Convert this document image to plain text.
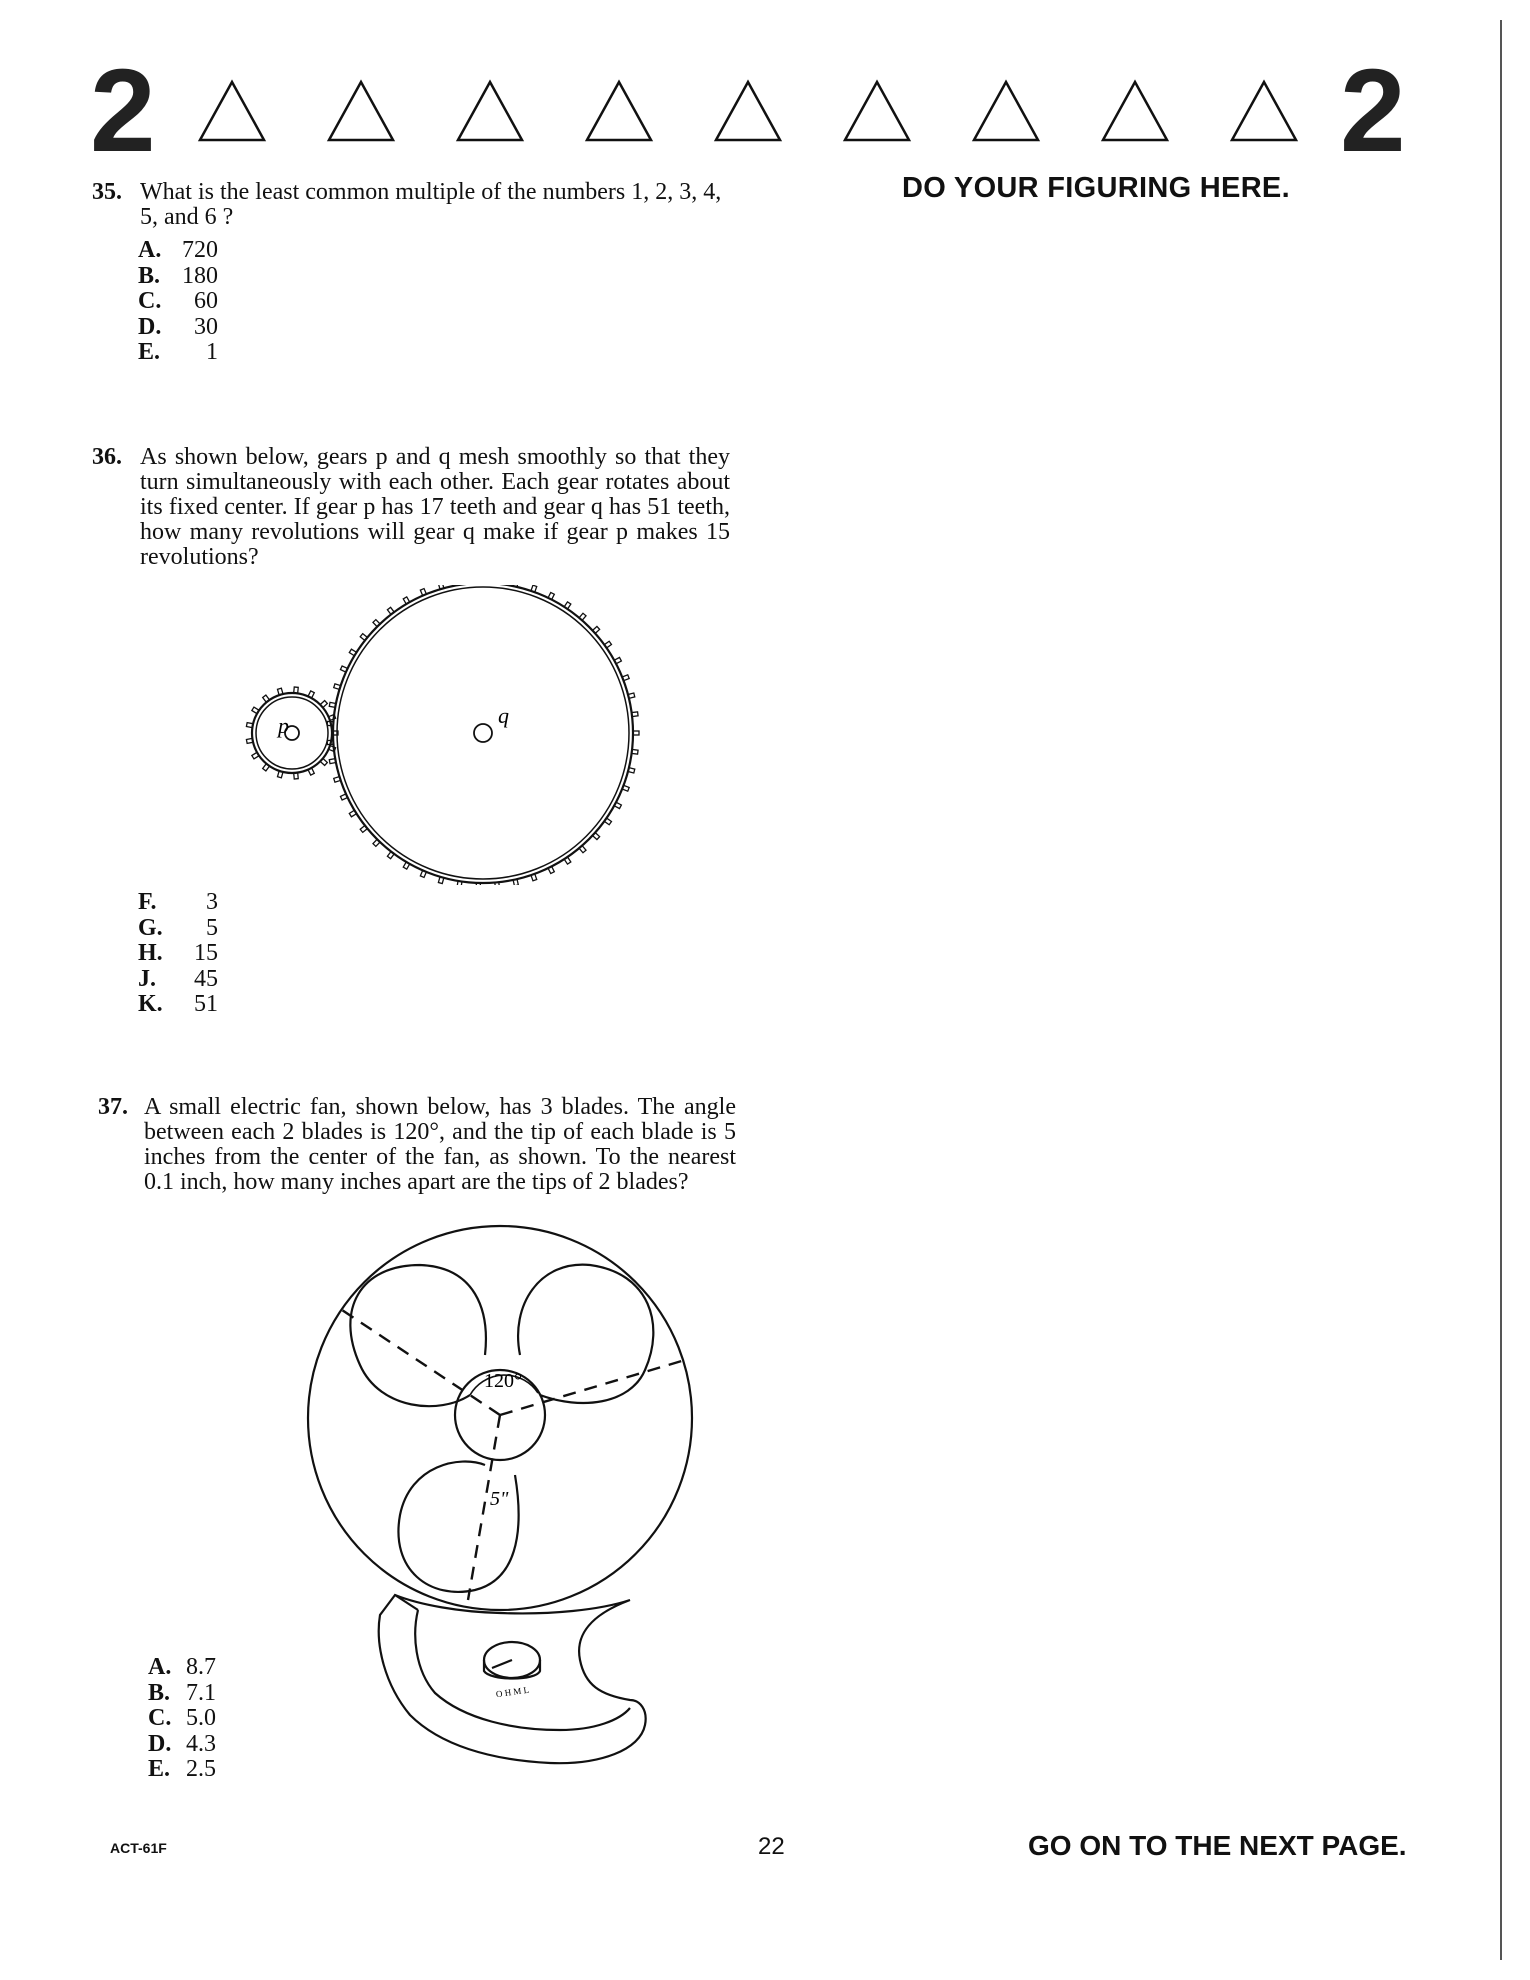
2	2
DO YOUR FIGURING HERE.
35. What is the least common multiple of the numbers 1, 2, 3, 4, 5, and 6 ?
A. 720
B. 180
C.	60
D.	30
E.	1
36. As shown below, gears p and q mesh smoothly so that they turn simultaneously with each other. Each gear rotates about its fixed center. If gear p has 17 teeth and gear q has 51 teeth, how many revolutions will gear q make if gear p makes 15 revolutions?
p	q
F.	3
G.	5
H.	15
J.	45
K.	51
37. A small electric fan, shown below, has 3 blades. The angle between each 2 blades is 120°, and the tip of each blade is 5 inches from the center of the fan, as shown. To the nearest 0.1 inch, how many inches apart are the tips of 2 blades?
120°
5"
O H M L
A. 8.7
B. 7.1
C. 5.0
D. 4.3
E. 2.5
ACT-61F	22	GO ON TO THE NEXT PAGE.
